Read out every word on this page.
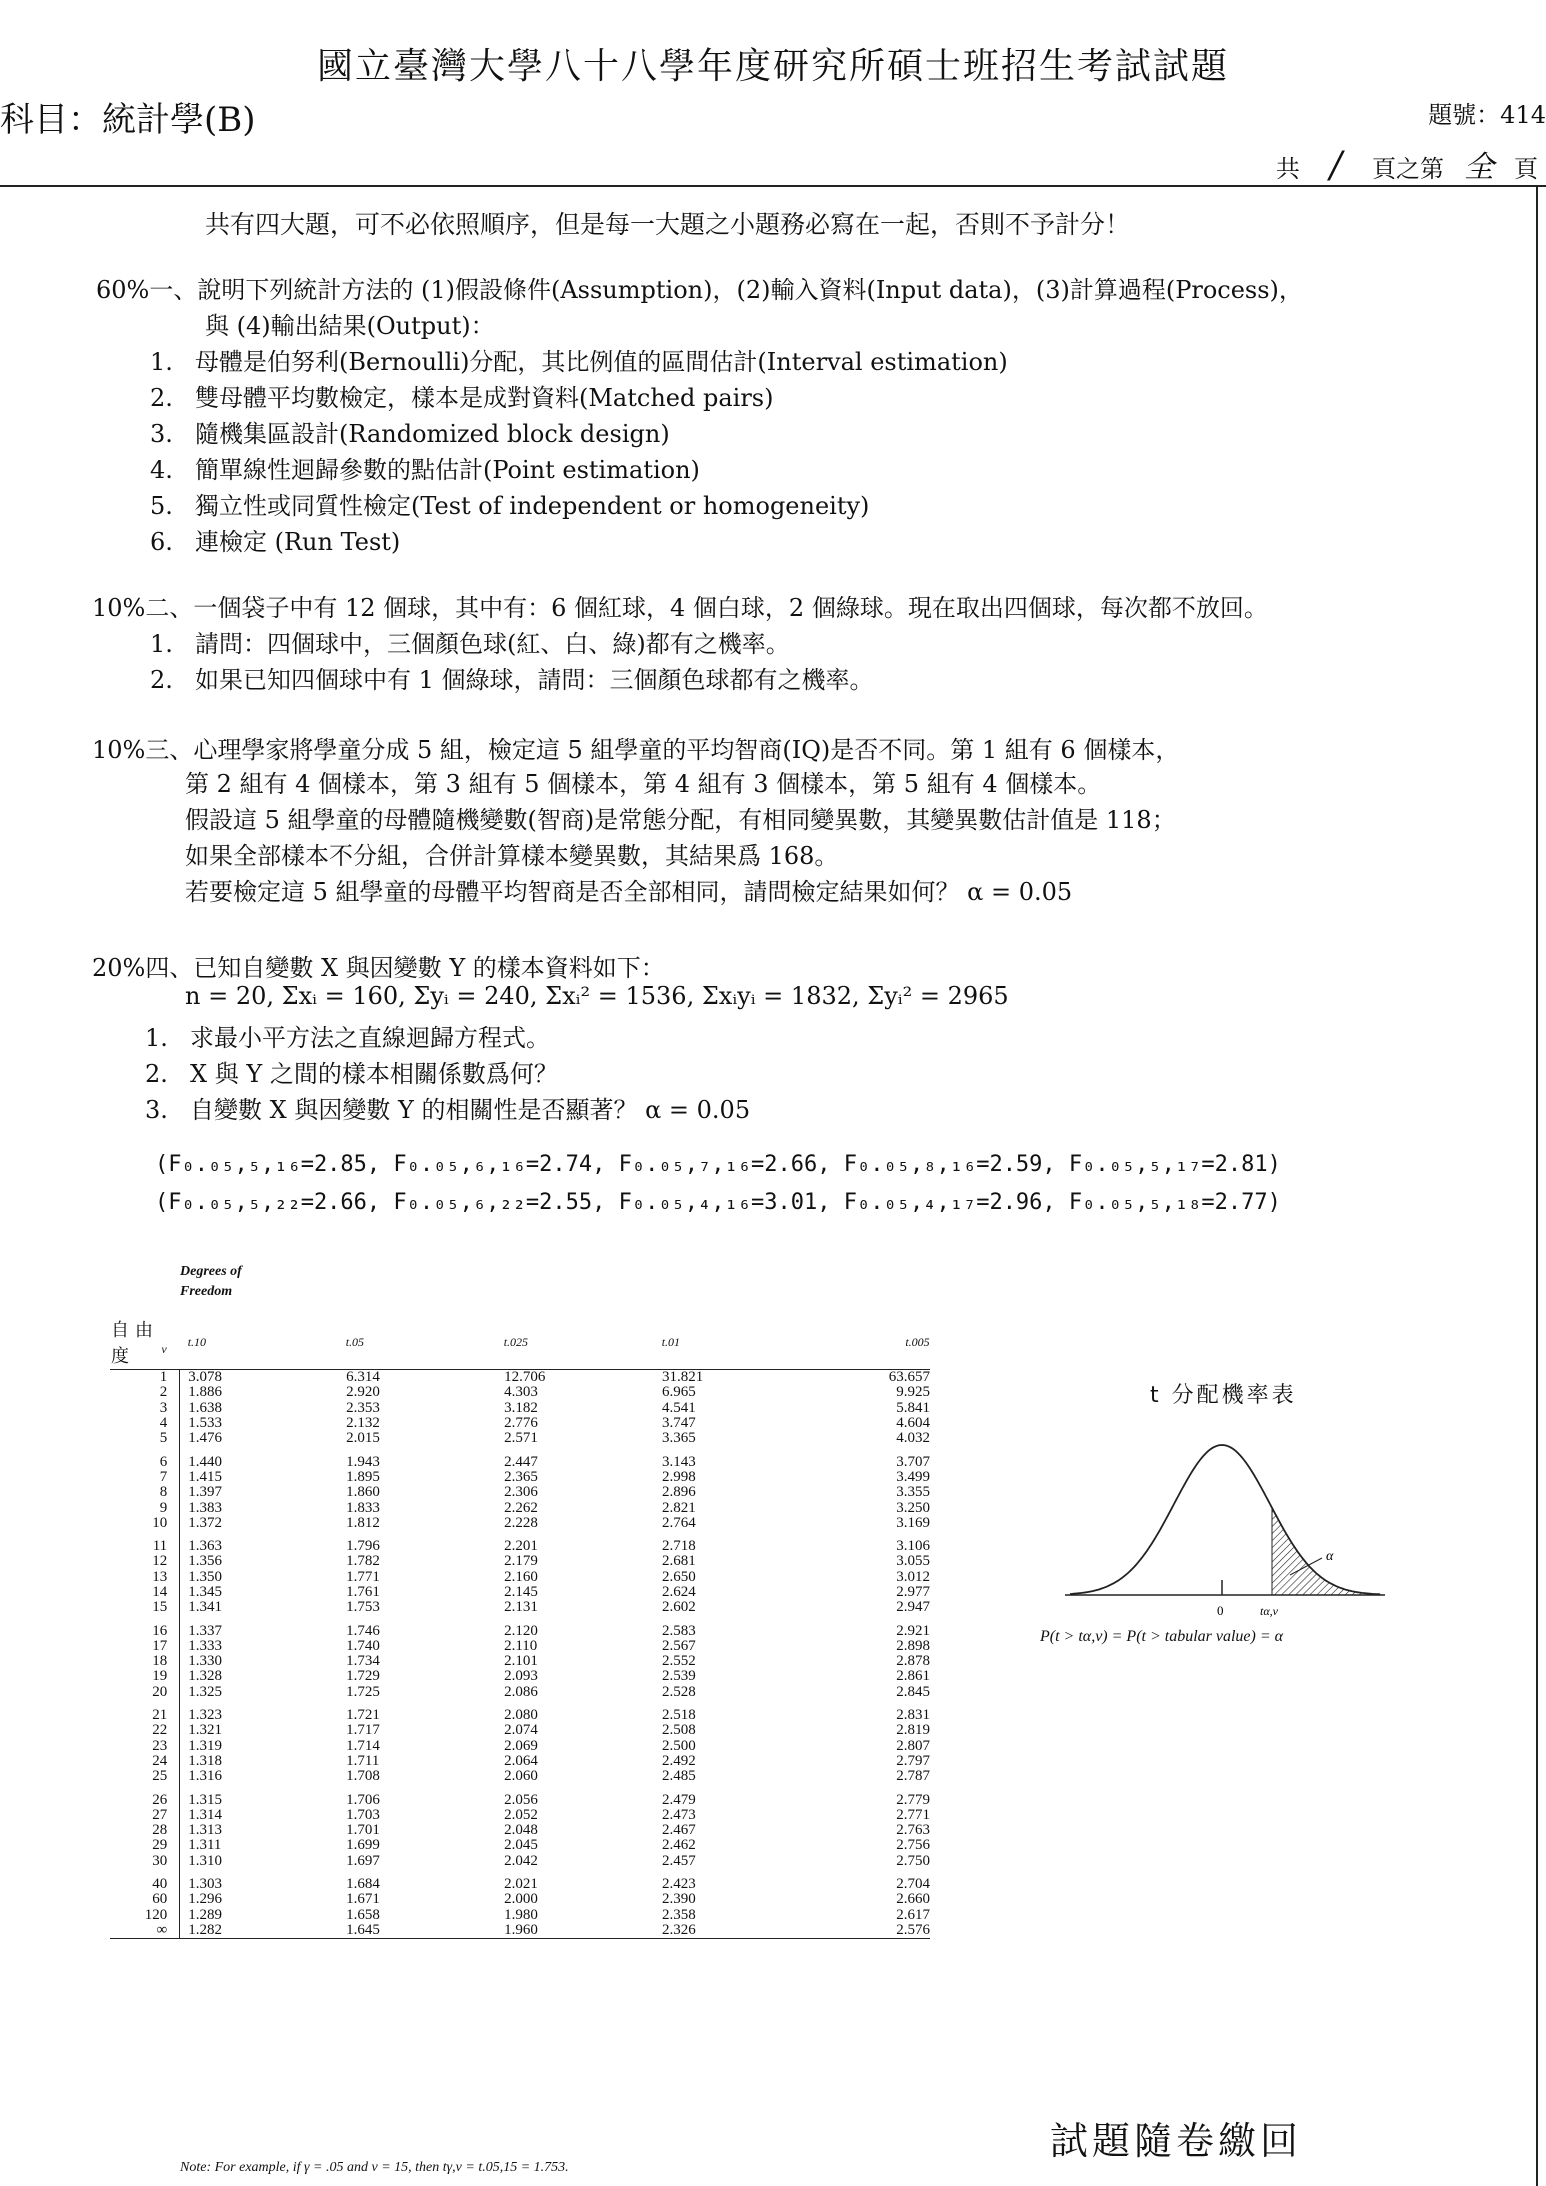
國立臺灣大學八十八學年度研究所碩士班招生考試試題
科目：統計學(B)	題號：414
共 / 頁之第 全 頁
共有四大題，可不必依照順序，但是每一大題之小題務必寫在一起，否則不予計分！
60%一、說明下列統計方法的 (1)假設條件(Assumption)，(2)輸入資料(Input data)，(3)計算過程(Process)，
與 (4)輸出結果(Output)：
10%二、一個袋子中有 12 個球，其中有：6 個紅球，4 個白球，2 個綠球。現在取出四個球，每次都不放回。
10%三、心理學家將學童分成 5 組，檢定這 5 組學童的平均智商(IQ)是否不同。第 1 組有 6 個樣本，
第 2 組有 4 個樣本，第 3 組有 5 個樣本，第 4 組有 3 個樣本，第 5 組有 4 個樣本。
假設這 5 組學童的母體隨機變數(智商)是常態分配，有相同變異數，其變異數估計值是 118；
如果全部樣本不分組，合併計算樣本變異數，其結果爲 168。
若要檢定這 5 組學童的母體平均智商是否全部相同，請問檢定結果如何？ α = 0.05
20%四、已知自變數 X 與因變數 Y 的樣本資料如下：
n = 20, Σxᵢ = 160, Σyᵢ = 240, Σxᵢ² = 1536, Σxᵢyᵢ = 1832, Σyᵢ² = 2965
(F₀.₀₅,₅,₁₆=2.85, F₀.₀₅,₆,₁₆=2.74, F₀.₀₅,₇,₁₆=2.66, F₀.₀₅,₈,₁₆=2.59, F₀.₀₅,₅,₁₇=2.81)
(F₀.₀₅,₅,₂₂=2.66, F₀.₀₅,₆,₂₂=2.55, F₀.₀₅,₄,₁₆=3.01, F₀.₀₅,₄,₁₇=2.96, F₀.₀₅,₅,₁₈=2.77)
Degrees of Freedom
自由度 ν	t.10 t.05 t.025 t.01 t.005				

1	3.078	6.314	12.706	31.821	63.657
2	1.886	2.920	4.303	6.965	9.925
3	1.638	2.353	3.182	4.541	5.841
4	1.533	2.132	2.776	3.747	4.604
5	1.476	2.015	2.571	3.365	4.032
6	1.440	1.943	2.447	3.143	3.707
7	1.415	1.895	2.365	2.998	3.499
8	1.397	1.860	2.306	2.896	3.355
9	1.383	1.833	2.262	2.821	3.250
10	1.372	1.812	2.228	2.764	3.169
11	1.363	1.796	2.201	2.718	3.106
12	1.356	1.782	2.179	2.681	3.055
13	1.350	1.771	2.160	2.650	3.012
14	1.345	1.761	2.145	2.624	2.977
15	1.341	1.753	2.131	2.602	2.947
16	1.337	1.746	2.120	2.583	2.921
17	1.333	1.740	2.110	2.567	2.898
18	1.330	1.734	2.101	2.552	2.878
19	1.328	1.729	2.093	2.539	2.861
20	1.325	1.725	2.086	2.528	2.845
21	1.323	1.721	2.080	2.518	2.831
22	1.321	1.717	2.074	2.508	2.819
23	1.319	1.714	2.069	2.500	2.807
24	1.318	1.711	2.064	2.492	2.797
25	1.316	1.708	2.060	2.485	2.787
26	1.315	1.706	2.056	2.479	2.779
27	1.314	1.703	2.052	2.473	2.771
28	1.313	1.701	2.048	2.467	2.763
29	1.311	1.699	2.045	2.462	2.756
30	1.310	1.697	2.042	2.457	2.750
40	1.303	1.684	2.021	2.423	2.704
60	1.296	1.671	2.000	2.390	2.660
120	1.289	1.658	1.980	2.358	2.617
∞	1.282	1.645	1.960	2.326	2.576
Note: For example, if γ = .05 and ν = 15, then tγ,ν = t.05,15 = 1.753.
t 分配機率表
0	tα,ν
α
P(t > tα,ν) = P(t > tabular value) = α
試題隨卷繳回
1. 母體是伯努利(Bernoulli)分配，其比例值的區間估計(Interval estimation)
2. 雙母體平均數檢定，樣本是成對資料(Matched pairs)
3. 隨機集區設計(Randomized block design)
4. 簡單線性迴歸參數的點估計(Point estimation)
5. 獨立性或同質性檢定(Test of independent or homogeneity)
6. 連檢定 (Run Test)
1. 請問：四個球中，三個顏色球(紅、白、綠)都有之機率。
2. 如果已知四個球中有 1 個綠球，請問：三個顏色球都有之機率。
1. 求最小平方法之直線迴歸方程式。
2. X 與 Y 之間的樣本相關係數爲何？
3. 自變數 X 與因變數 Y 的相關性是否顯著？ α = 0.05
